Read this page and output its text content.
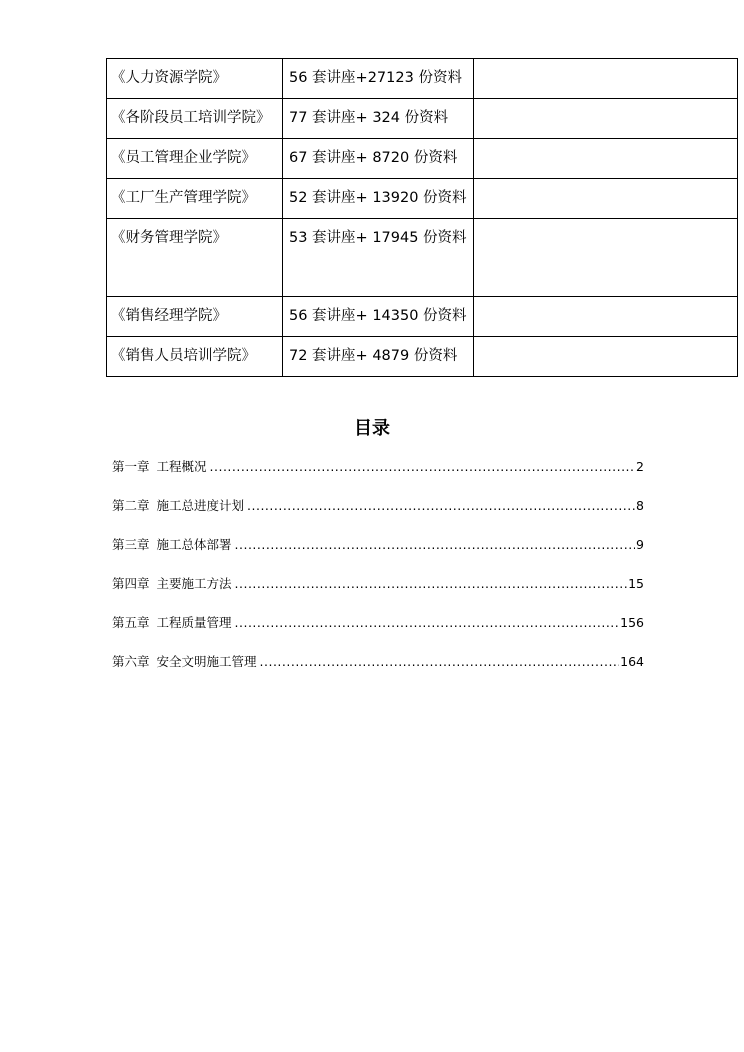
《人力资源学院》	56 套讲座+27123 份资料	
《各阶段员工培训学院》	77 套讲座+ 324 份资料	
《员工管理企业学院》	67 套讲座+ 8720 份资料	
《工厂生产管理学院》	52 套讲座+ 13920 份资料	
《财务管理学院》	53 套讲座+ 17945 份资料	
《销售经理学院》	56 套讲座+ 14350 份资料	
《销售人员培训学院》	72 套讲座+ 4879 份资料	
目录
第一章 工程概况 .....	2
第二章 施工总进度计划 .....	8
第三章 施工总体部署 .....	9
第四章 主要施工方法 .....	15
第五章 工程质量管理 .....	156
第六章 安全文明施工管理 .....	164
